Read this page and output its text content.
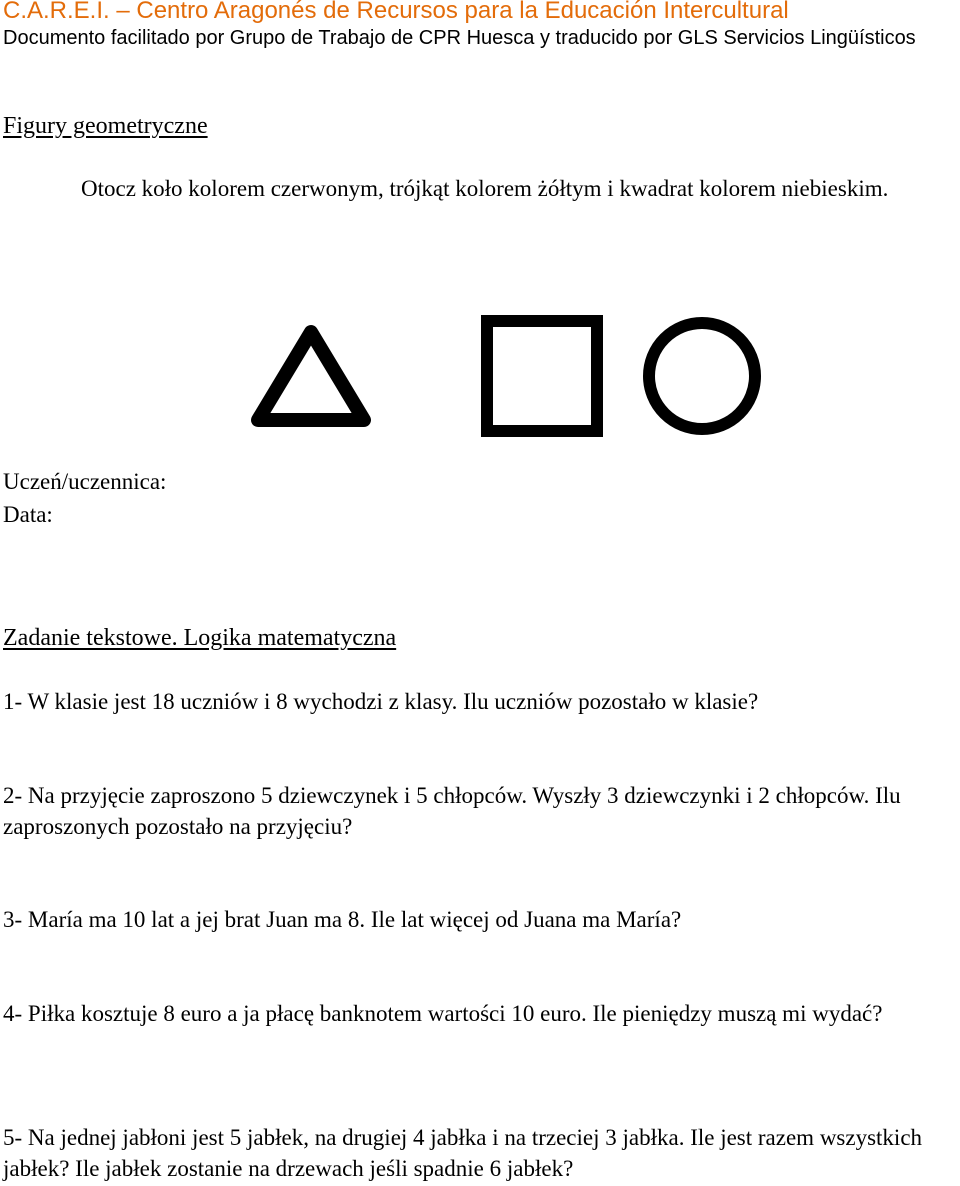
C.A.R.E.I. – Centro Aragonés de Recursos para la Educación Intercultural
Documento facilitado por Grupo de Trabajo de CPR Huesca y traducido por GLS Servicios Lingüísticos
Figury geometryczne
Otocz koło kolorem czerwonym, trójkąt kolorem żółtym i kwadrat kolorem niebieskim.
Uczeń/uczennica:
Data:
Zadanie tekstowe. Logika matematyczna
1- W klasie jest 18 uczniów i 8 wychodzi z klasy. Ilu uczniów pozostało w klasie?
2- Na przyjęcie zaproszono 5 dziewczynek i 5 chłopców. Wyszły 3 dziewczynki i 2 chłopców. Ilu zaproszonych pozostało na przyjęciu?
3- María ma 10 lat a jej brat Juan ma 8. Ile lat więcej od Juana ma María?
4- Piłka kosztuje 8 euro a ja płacę banknotem wartości 10 euro. Ile pieniędzy muszą mi wydać?
5- Na jednej jabłoni jest 5 jabłek, na drugiej 4 jabłka i na trzeciej 3 jabłka. Ile jest razem wszystkich jabłek? Ile jabłek zostanie na drzewach jeśli spadnie 6 jabłek?
